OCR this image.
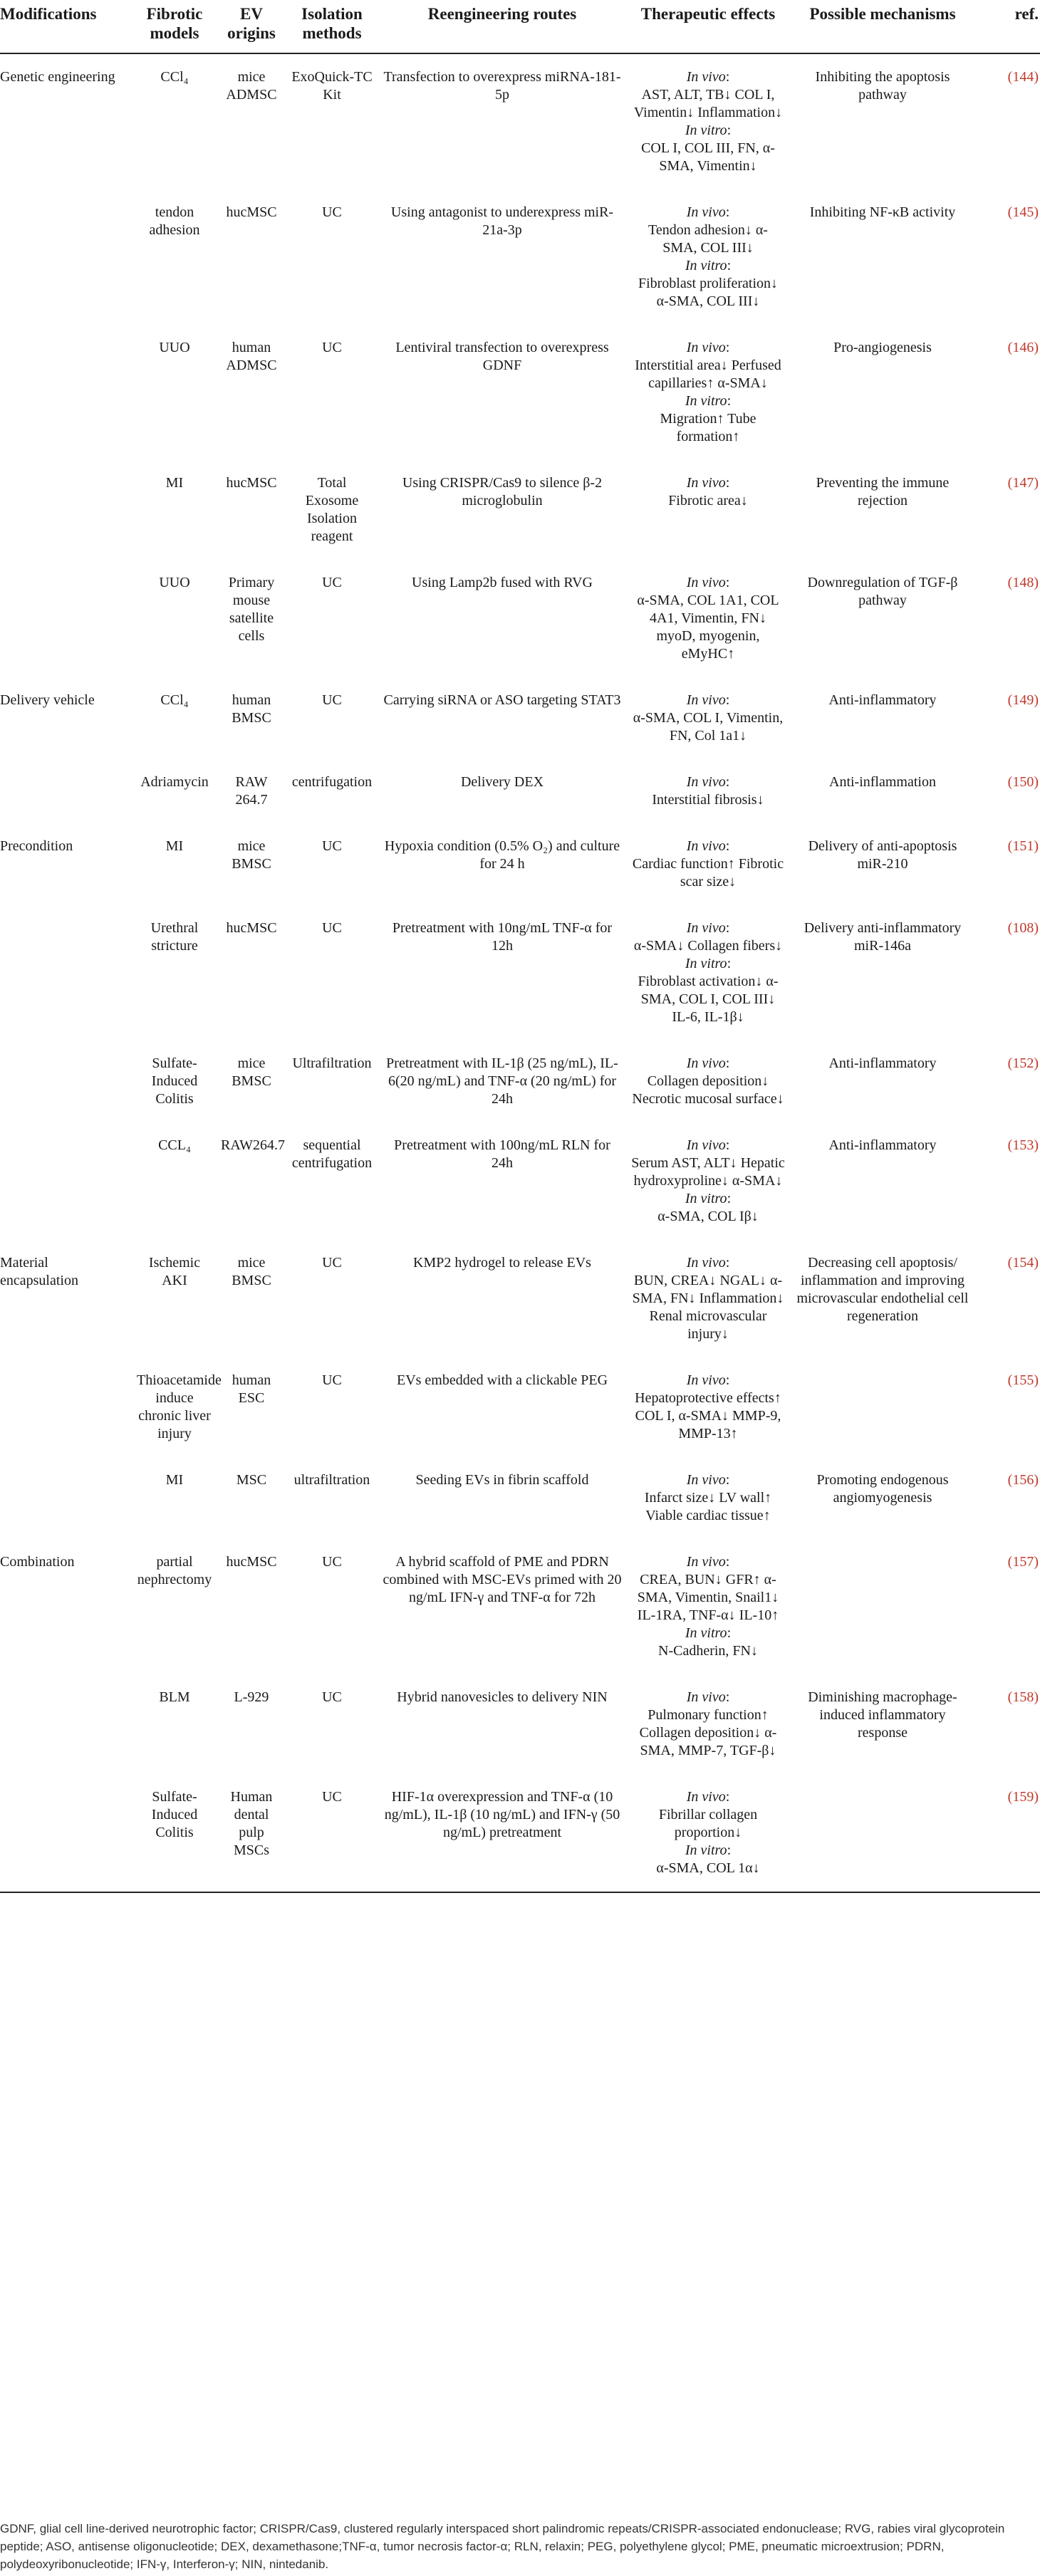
Modifications	Fibrotic models	EV origins	Isolation methods	Reengineering routes	Therapeutic effects	Possible mechanisms	ref.
Genetic engineering	CCl₄	mice ADMSC	ExoQuick-TC Kit	Transfection to overexpress miRNA-181-5p	In vivo:
AST, ALT, TB↓ COL I, Vimentin↓ Inflammation↓
In vitro:
COL I, COL III, FN, α-SMA, Vimentin↓	Inhibiting the apoptosis pathway	(144)
	tendon adhesion	hucMSC	UC	Using antagonist to underexpress miR-21a-3p	In vivo:
Tendon adhesion↓ α-SMA, COL III↓
In vitro:
Fibroblast proliferation↓ α-SMA, COL III↓	Inhibiting NF-κB activity	(145)
	UUO	human ADMSC	UC	Lentiviral transfection to overexpress GDNF	In vivo:
Interstitial area↓ Perfused capillaries↑ α-SMA↓
In vitro:
Migration↑ Tube formation↑	Pro-angiogenesis	(146)
	MI	hucMSC	Total Exosome Isolation reagent	Using CRISPR/Cas9 to silence β-2 microglobulin	In vivo:
Fibrotic area↓	Preventing the immune rejection	(147)
	UUO	Primary mouse satellite cells	UC	Using Lamp2b fused with RVG	In vivo:
α-SMA, COL 1A1, COL 4A1, Vimentin, FN↓ myoD, myogenin, eMyHC↑	Downregulation of TGF-β pathway	(148)
Delivery vehicle	CCl₄	human BMSC	UC	Carrying siRNA or ASO targeting STAT3	In vivo:
α-SMA, COL I, Vimentin, FN, Col 1a1↓	Anti-inflammatory	(149)
	Adriamycin	RAW 264.7	centrifugation	Delivery DEX	In vivo:
Interstitial fibrosis↓	Anti-inflammation	(150)
Precondition	MI	mice BMSC	UC	Hypoxia condition (0.5% O₂) and culture for 24 h	In vivo:
Cardiac function↑ Fibrotic scar size↓	Delivery of anti-apoptosis miR-210	(151)
	Urethral stricture	hucMSC	UC	Pretreatment with 10ng/mL TNF-α for 12h	In vivo:
α-SMA↓ Collagen fibers↓
In vitro:
Fibroblast activation↓ α-SMA, COL I, COL III↓ IL-6, IL-1β↓	Delivery anti-inflammatory miR-146a	(108)
	Sulfate-Induced Colitis	mice BMSC	Ultrafiltration	Pretreatment with IL-1β (25 ng/mL), IL-6(20 ng/mL) and TNF-α (20 ng/mL) for 24h	In vivo:
Collagen deposition↓ Necrotic mucosal surface↓	Anti-inflammatory	(152)
	CCL₄	RAW264.7	sequential centrifugation	Pretreatment with 100ng/mL RLN for 24h	In vivo:
Serum AST, ALT↓ Hepatic hydroxyproline↓ α-SMA↓
In vitro:
α-SMA, COL Iβ↓	Anti-inflammatory	(153)
Material encapsulation	Ischemic AKI	mice BMSC	UC	KMP2 hydrogel to release EVs	In vivo:
BUN, CREA↓ NGAL↓ α-SMA, FN↓ Inflammation↓ Renal microvascular injury↓	Decreasing cell apoptosis/ inflammation and improving microvascular endothelial cell regeneration	(154)
	Thioacetamide induce chronic liver injury	human ESC	UC	EVs embedded with a clickable PEG	In vivo:
Hepatoprotective effects↑ COL I, α-SMA↓ MMP-9, MMP-13↑		(155)
	MI	MSC	ultrafiltration	Seeding EVs in fibrin scaffold	In vivo:
Infarct size↓ LV wall↑ Viable cardiac tissue↑	Promoting endogenous angiomyogenesis	(156)
Combination	partial nephrectomy	hucMSC	UC	A hybrid scaffold of PME and PDRN combined with MSC-EVs primed with 20 ng/mL IFN-γ and TNF-α for 72h	In vivo:
CREA, BUN↓ GFR↑ α-SMA, Vimentin, Snail1↓ IL-1RA, TNF-α↓ IL-10↑
In vitro:
N-Cadherin, FN↓		(157)
	BLM	L-929	UC	Hybrid nanovesicles to delivery NIN	In vivo:
Pulmonary function↑ Collagen deposition↓ α-SMA, MMP-7, TGF-β↓	Diminishing macrophage-induced inflammatory response	(158)
	Sulfate-Induced Colitis	Human dental pulp MSCs	UC	HIF-1α overexpression and TNF-α (10 ng/mL), IL-1β (10 ng/mL) and IFN-γ (50 ng/mL) pretreatment	In vivo:
Fibrillar collagen proportion↓
In vitro:
α-SMA, COL 1α↓		(159)
GDNF, glial cell line-derived neurotrophic factor; CRISPR/Cas9, clustered regularly interspaced short palindromic repeats/CRISPR-associated endonuclease; RVG, rabies viral glycoprotein peptide; ASO, antisense oligonucleotide; DEX, dexamethasone;TNF-α, tumor necrosis factor-α; RLN, relaxin; PEG, polyethylene glycol; PME, pneumatic microextrusion; PDRN, polydeoxyribonucleotide; IFN-γ, Interferon-γ; NIN, nintedanib.
